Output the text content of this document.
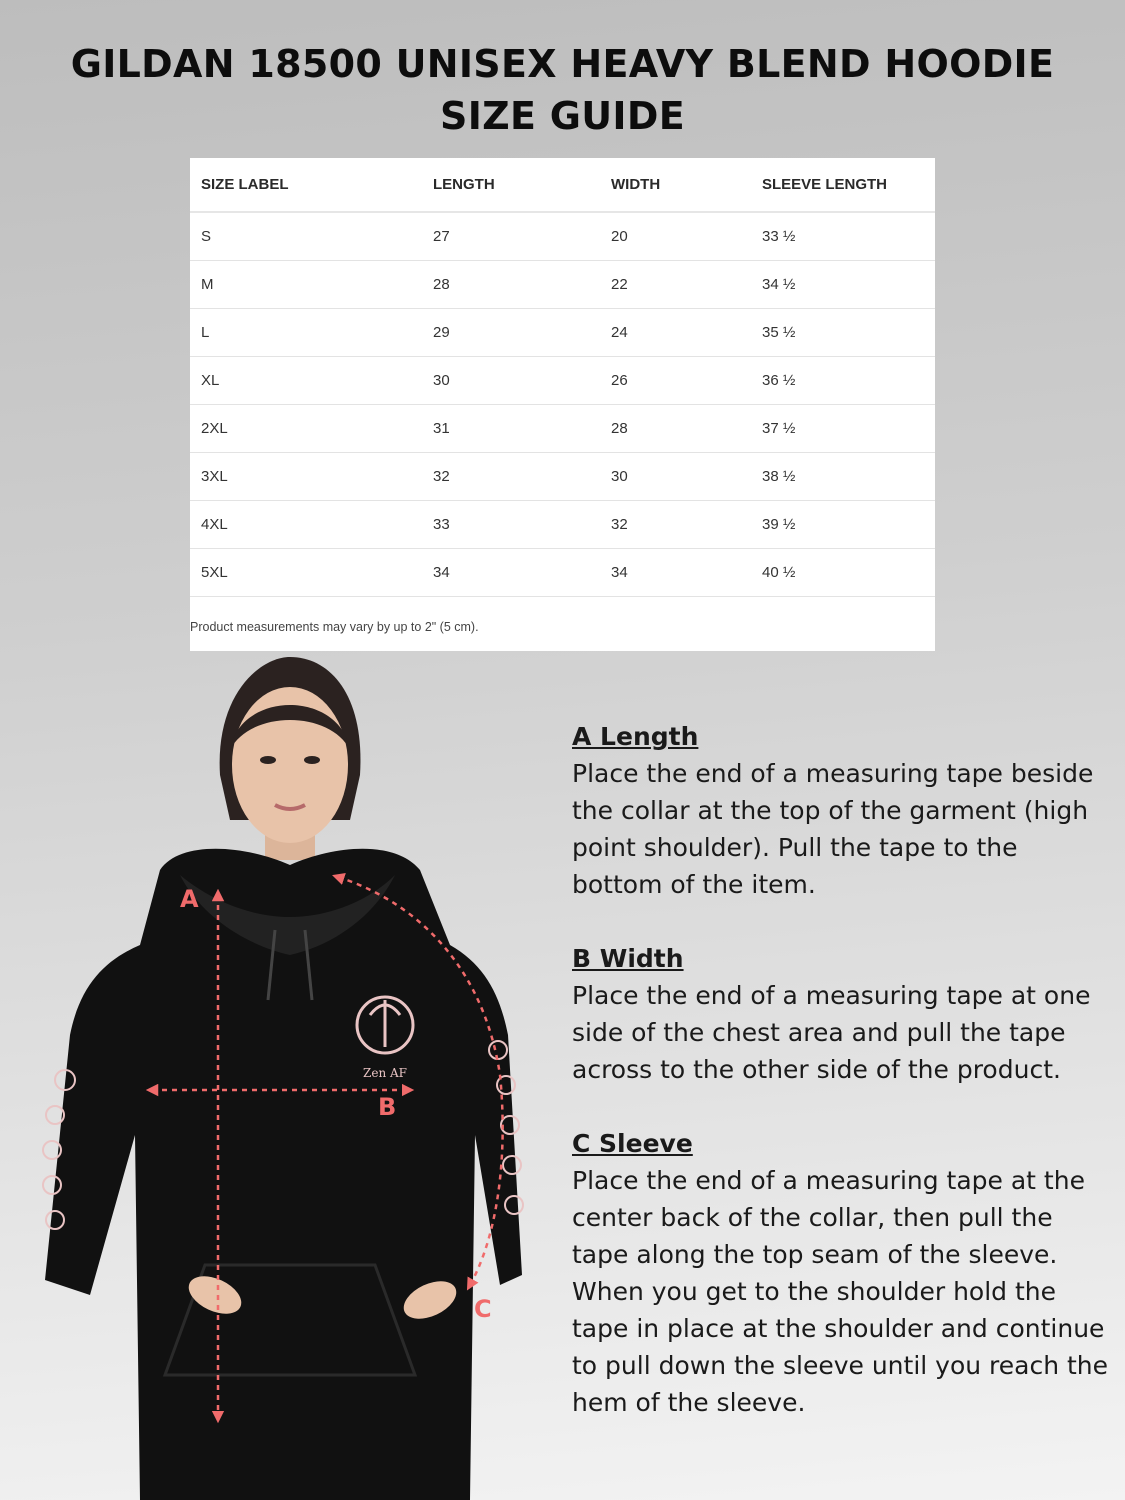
GILDAN 18500 UNISEX HEAVY BLEND HOODIE
SIZE GUIDE
SIZE LABEL	LENGTH	WIDTH	SLEEVE LENGTH
S	27	20	33 ½
M	28	22	34 ½
L	29	24	35 ½
XL	30	26	36 ½
2XL	31	28	37 ½
3XL	32	30	38 ½
4XL	33	32	39 ½
5XL	34	34	40 ½
Product measurements may vary by up to 2" (5 cm).
Zen AF
A
B
C
A Length

Place the end of a measuring tape beside the collar at the top of the garment (high point shoulder). Pull the tape to the bottom of the item.

B Width

Place the end of a measuring tape at one side of the chest area and pull the tape across to the other side of the product.

C Sleeve

Place the end of a measuring tape at the center back of the collar, then pull the tape along the top seam of the sleeve. When you get to the shoulder hold the tape in place at the shoulder and continue to pull down the sleeve until you reach the hem of the sleeve.
